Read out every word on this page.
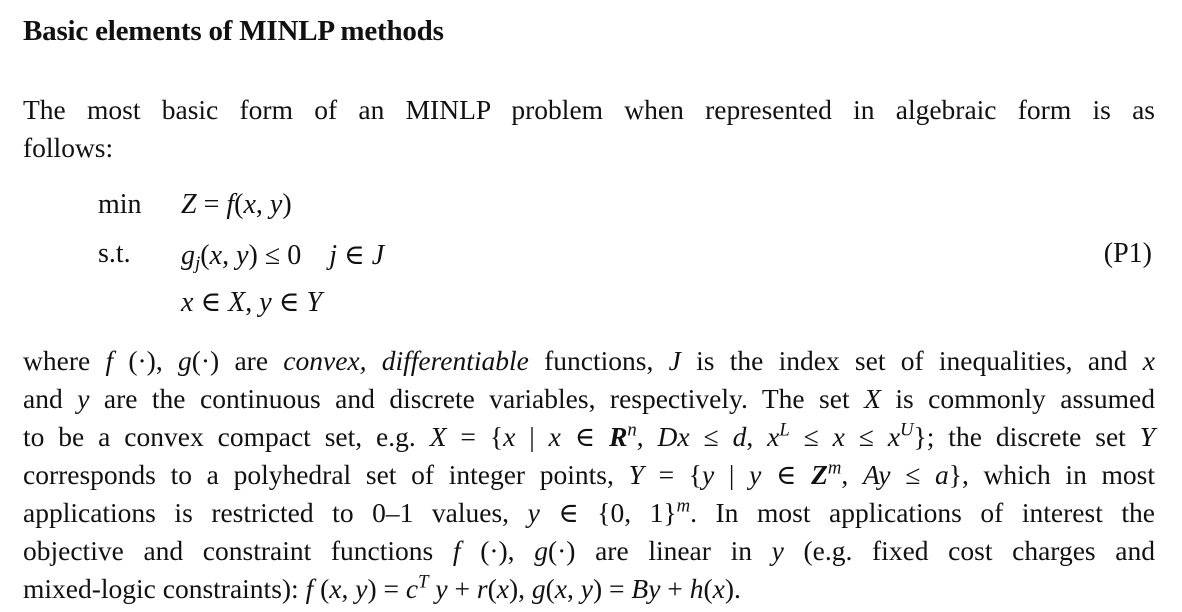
Basic elements of MINLP methods
The most basic form of an MINLP problem when represented in algebraic form is as
follows:
min Z = f(x, y)
s.t. $g_j(x$, y) ≤ 0    j ∈ J	(P1)
x ∈ X, y ∈ Y
where f (·), g(·) are convex, differentiable functions, J is the index set of inequalities, and x
and y are the continuous and discrete variables, respectively. The set X is commonly assumed
to be a convex compact set, e.g. X = {x | x ∈ $R^n$, Dx ≤ d, $x^L \le x \le x^U$}; the discrete set Y
corresponds to a polyhedral set of integer points, Y = {y | y ∈ $Z^m$, Ay ≤ a}, which in most
applications is restricted to 0–1 values, y ∈ {0, 1}$^m$. In most applications of interest the
objective and constraint functions f (·), g(·) are linear in y (e.g. fixed cost charges and
mixed-logic constraints): f (x, $y) = c^T$ y + r(x), g(x, y) = By + h(x).
